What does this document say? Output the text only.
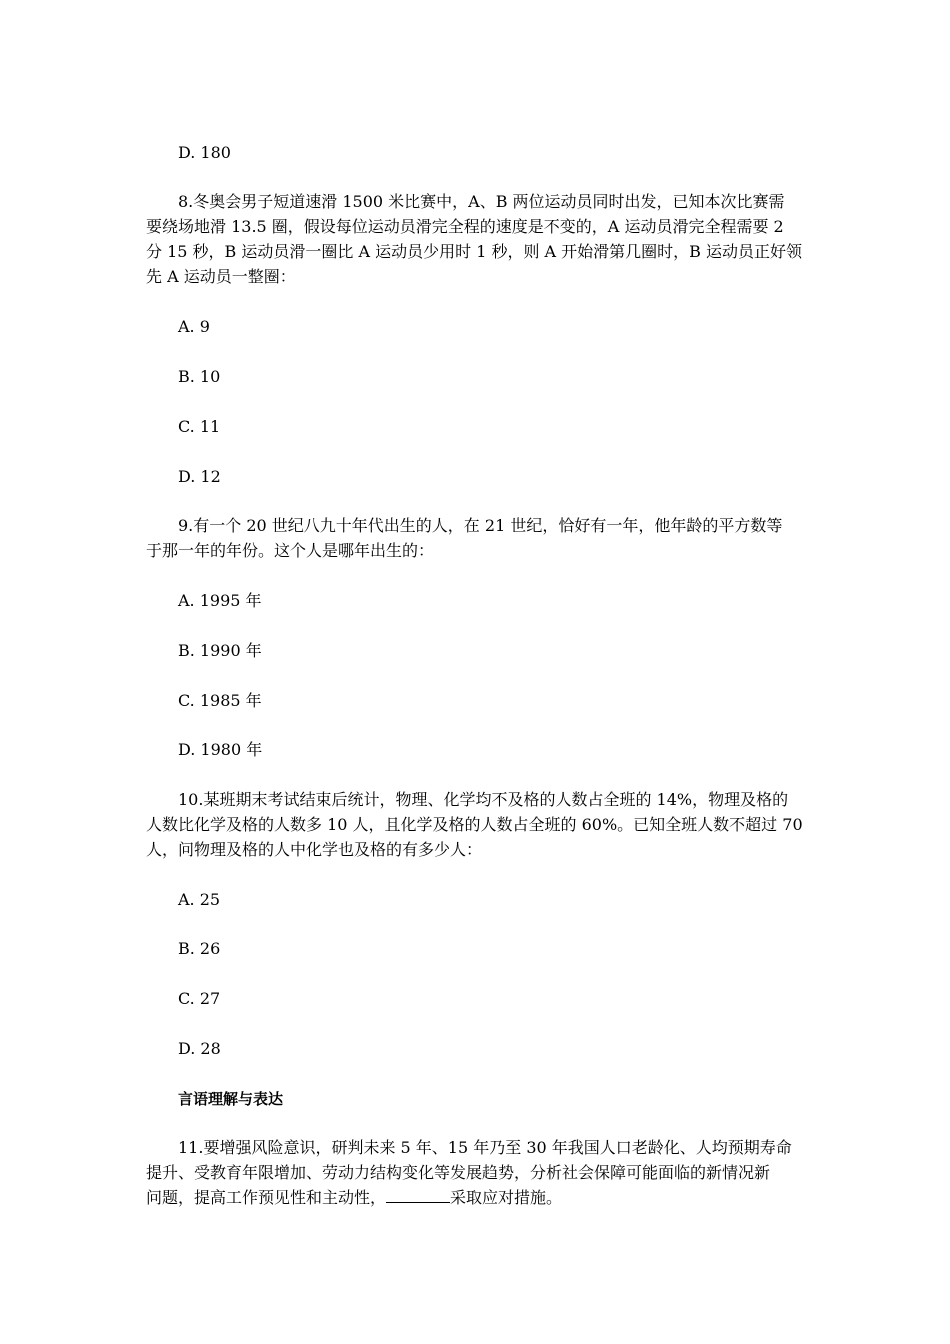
D. 180
8.冬奥会男子短道速滑 1500 米比赛中，A、B 两位运动员同时出发，已知本次比赛需
要绕场地滑 13.5 圈，假设每位运动员滑完全程的速度是不变的，A 运动员滑完全程需要 2
分 15 秒，B 运动员滑一圈比 A 运动员少用时 1 秒，则 A 开始滑第几圈时，B 运动员正好领
先 A 运动员一整圈：
A. 9
B. 10
C. 11
D. 12
9.有一个 20 世纪八九十年代出生的人，在 21 世纪，恰好有一年，他年龄的平方数等
于那一年的年份。这个人是哪年出生的：
A. 1995 年
B. 1990 年
C. 1985 年
D. 1980 年
10.某班期末考试结束后统计，物理、化学均不及格的人数占全班的 14%，物理及格的
人数比化学及格的人数多 10 人，且化学及格的人数占全班的 60%。已知全班人数不超过 70
人，问物理及格的人中化学也及格的有多少人：
A. 25
B. 26
C. 27
D. 28
言语理解与表达
11.要增强风险意识，研判未来 5 年、15 年乃至 30 年我国人口老龄化、人均预期寿命
提升、受教育年限增加、劳动力结构变化等发展趋势，分析社会保障可能面临的新情况新
问题，提高工作预见性和主动性，	采取应对措施。
